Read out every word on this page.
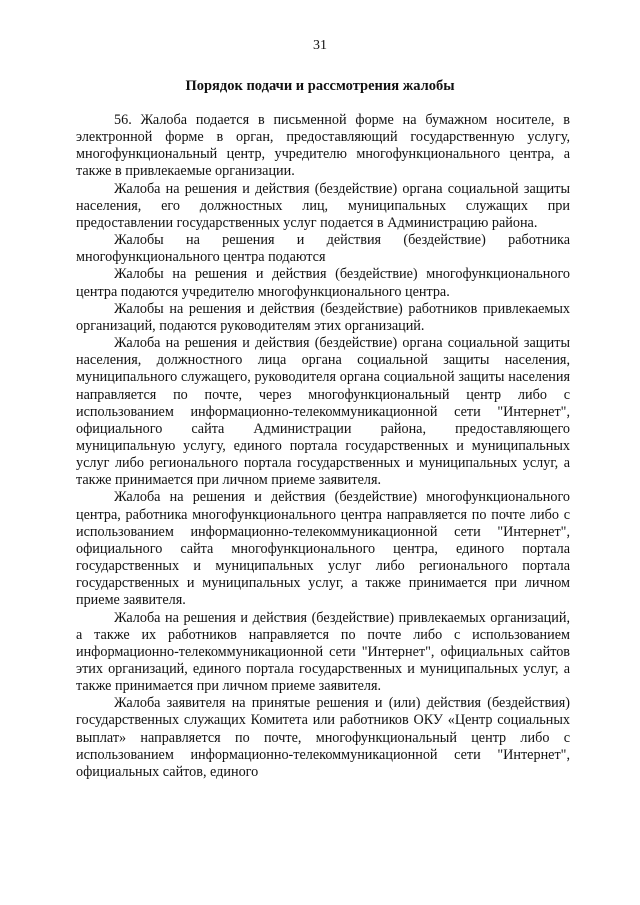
31
Порядок подачи и рассмотрения жалобы

56. Жалоба подается в письменной форме на бумажном носителе, в электронной форме в орган, предоставляющий государственную услугу, многофункциональный центр, учредителю многофункционального центра, а также в привлекаемые организации.

Жалоба на решения и действия (бездействие) органа социальной защиты населения, его должностных лиц, муниципальных служащих при предоставлении государственных услуг подается в Администрацию района.

Жалобы на решения и действия (бездействие) работника многофункционального центра подаются

Жалобы на решения и действия (бездействие) многофункционального центра подаются учредителю многофункционального центра.

Жалобы на решения и действия (бездействие) работников привлекаемых организаций, подаются руководителям этих организаций.

Жалоба на решения и действия (бездействие) органа социальной защиты населения, должностного лица органа социальной защиты населения, муниципального служащего, руководителя органа социальной защиты населения направляется по почте, через многофункциональный центр либо с использованием информационно-телекоммуникационной сети "Интернет", официального сайта Администрации района, предоставляющего муниципальную услугу, единого портала государственных и муниципальных услуг либо регионального портала государственных и муниципальных услуг, а также принимается при личном приеме заявителя.

Жалоба на решения и действия (бездействие) многофункционального центра, работника многофункционального центра направляется по почте либо с использованием информационно-телекоммуникационной сети "Интернет", официального сайта многофункционального центра, единого портала государственных и муниципальных услуг либо регионального портала государственных и муниципальных услуг, а также принимается при личном приеме заявителя.

Жалоба на решения и действия (бездействие) привлекаемых организаций, а также их работников направляется по почте либо с использованием информационно-телекоммуникационной сети "Интернет", официальных сайтов этих организаций, единого портала государственных и муниципальных услуг, а также принимается при личном приеме заявителя.

Жалоба заявителя на принятые решения и (или) действия (бездействия) государственных служащих Комитета или работников ОКУ «Центр социальных выплат» направляется по почте, многофункциональный центр либо с использованием информационно-телекоммуникационной сети "Интернет", официальных сайтов, единого
